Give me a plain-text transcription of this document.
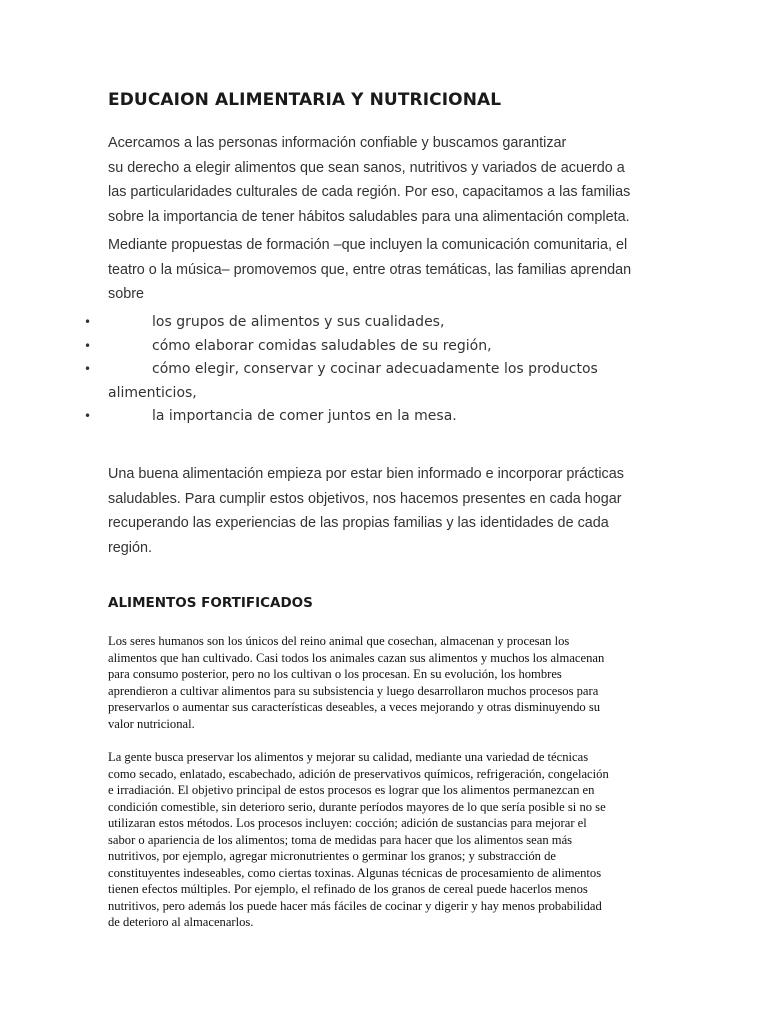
EDUCAION ALIMENTARIA Y NUTRICIONAL

Acercamos a las personas información confiable y buscamos garantizar
su derecho a elegir alimentos que sean sanos, nutritivos y variados de acuerdo a
las particularidades culturales de cada región. Por eso, capacitamos a las familias
sobre la importancia de tener hábitos saludables para una alimentación completa.

Mediante propuestas de formación –que incluyen la comunicación comunitaria, el
teatro o la música– promovemos que, entre otras temáticas, las familias aprendan
sobre

•	los grupos de alimentos y sus cualidades,
•	cómo elaborar comidas saludables de su región,
•	cómo elegir, conservar y cocinar adecuadamente los productos
alimenticios,
•	la importancia de comer juntos en la mesa.

Una buena alimentación empieza por estar bien informado e incorporar prácticas
saludables. Para cumplir estos objetivos, nos hacemos presentes en cada hogar
recuperando las experiencias de las propias familias y las identidades de cada
región.

ALIMENTOS FORTIFICADOS

Los seres humanos son los únicos del reino animal que cosechan, almacenan y procesan los
alimentos que han cultivado. Casi todos los animales cazan sus alimentos y muchos los almacenan
para consumo posterior, pero no los cultivan o los procesan. En su evolución, los hombres
aprendieron a cultivar alimentos para su subsistencia y luego desarrollaron muchos procesos para
preservarlos o aumentar sus características deseables, a veces mejorando y otras disminuyendo su
valor nutricional.

La gente busca preservar los alimentos y mejorar su calidad, mediante una variedad de técnicas
como secado, enlatado, escabechado, adición de preservativos químicos, refrigeración, congelación
e irradiación. El objetivo principal de estos procesos es lograr que los alimentos permanezcan en
condición comestible, sin deterioro serio, durante períodos mayores de lo que sería posible si no se
utilizaran estos métodos. Los procesos incluyen: cocción; adición de sustancias para mejorar el
sabor o apariencia de los alimentos; toma de medidas para hacer que los alimentos sean más
nutritivos, por ejemplo, agregar micronutrientes o germinar los granos; y substracción de
constituyentes indeseables, como ciertas toxinas. Algunas técnicas de procesamiento de alimentos
tienen efectos múltiples. Por ejemplo, el refinado de los granos de cereal puede hacerlos menos
nutritivos, pero además los puede hacer más fáciles de cocinar y digerir y hay menos probabilidad
de deterioro al almacenarlos.
